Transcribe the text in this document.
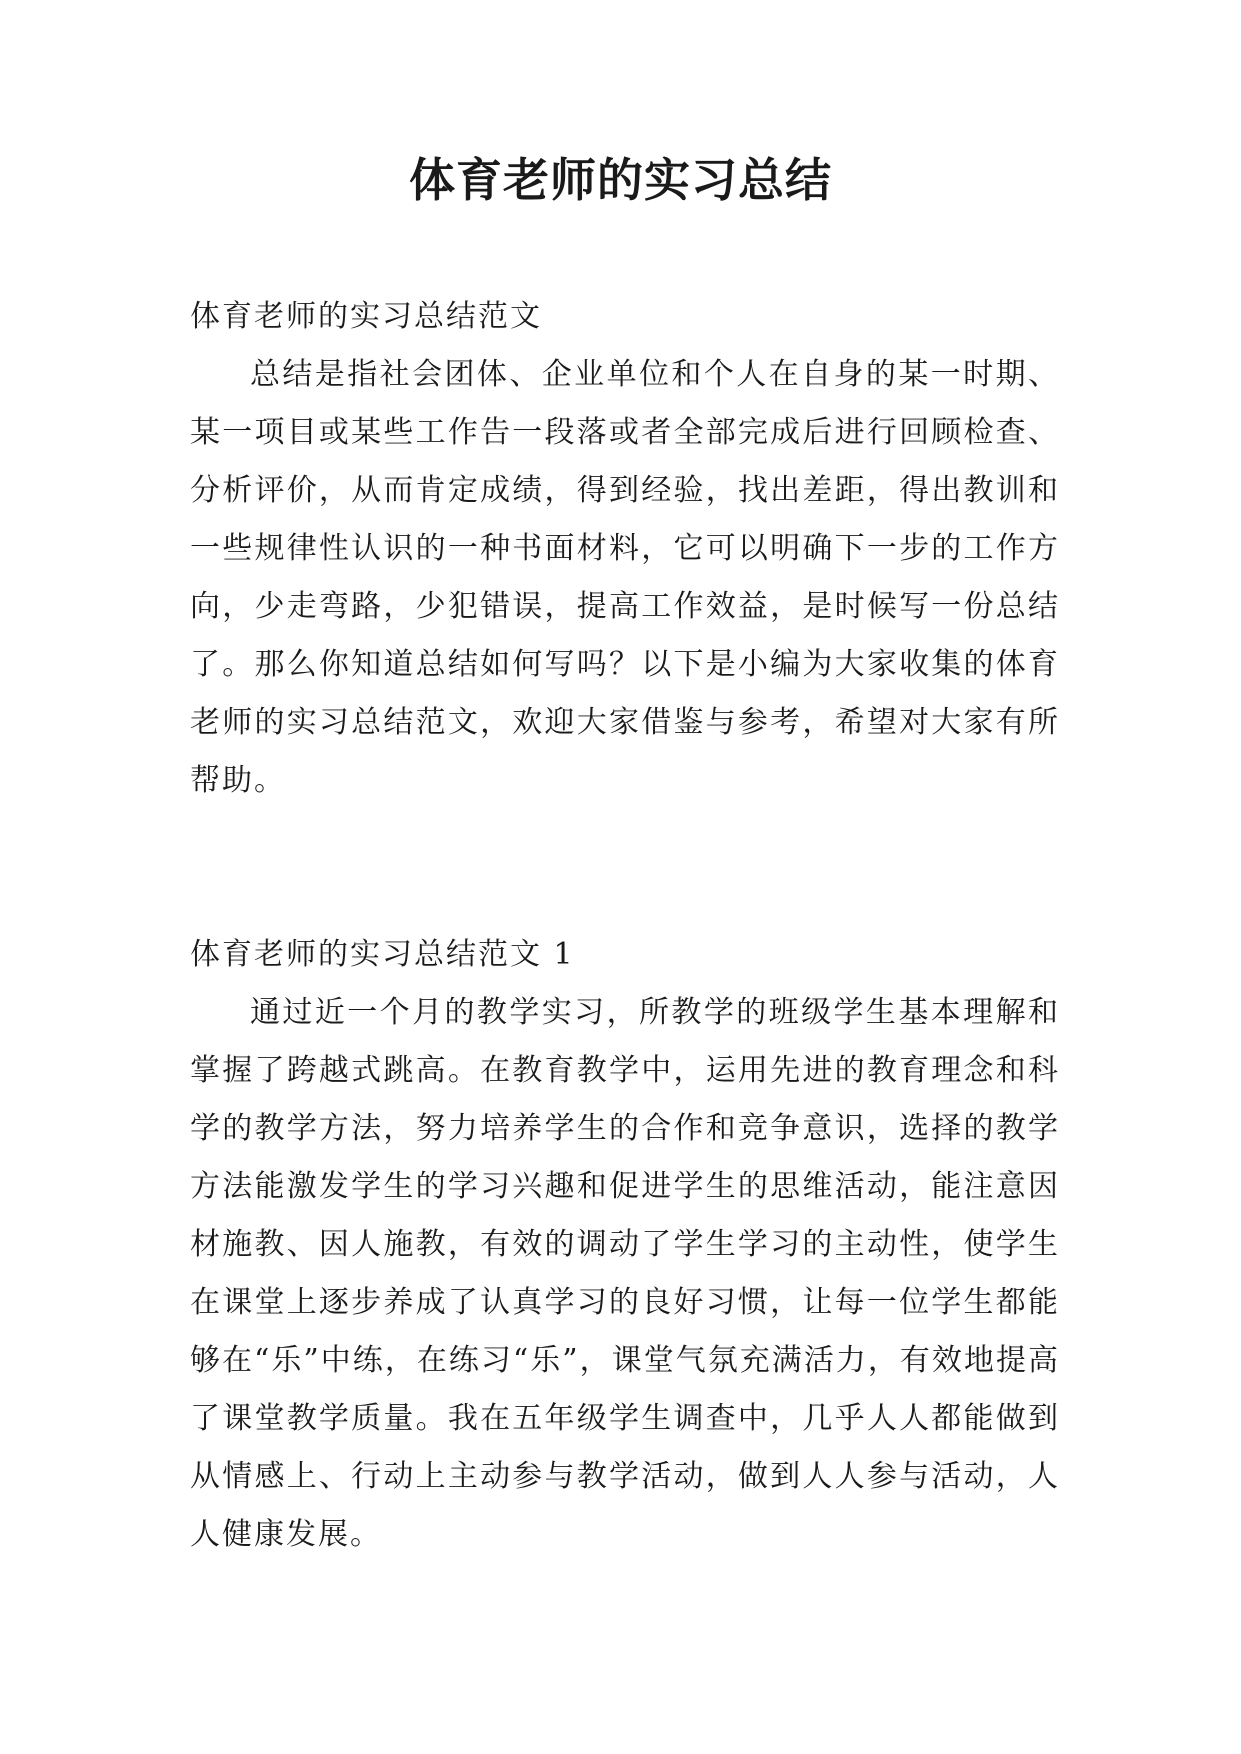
体育老师的实习总结
体育老师的实习总结范文

总结是指社会团体、企业单位和个人在自身的某一时期、某一项目或某些工作告一段落或者全部完成后进行回顾检查、分析评价，从而肯定成绩，得到经验，找出差距，得出教训和一些规律性认识的一种书面材料，它可以明确下一步的工作方向，少走弯路，少犯错误，提高工作效益，是时候写一份总结了。那么你知道总结如何写吗？以下是小编为大家收集的体育老师的实习总结范文，欢迎大家借鉴与参考，希望对大家有所帮助。

体育老师的实习总结范文 1

通过近一个月的教学实习，所教学的班级学生基本理解和掌握了跨越式跳高。在教育教学中，运用先进的教育理念和科学的教学方法，努力培养学生的合作和竞争意识，选择的教学方法能激发学生的学习兴趣和促进学生的思维活动，能注意因材施教、因人施教，有效的调动了学生学习的主动性，使学生在课堂上逐步养成了认真学习的良好习惯，让每一位学生都能够在“乐”中练，在练习“乐”，课堂气氛充满活力，有效地提高了课堂教学质量。我在五年级学生调查中，几乎人人都能做到从情感上、行动上主动参与教学活动，做到人人参与活动，人人健康发展。
